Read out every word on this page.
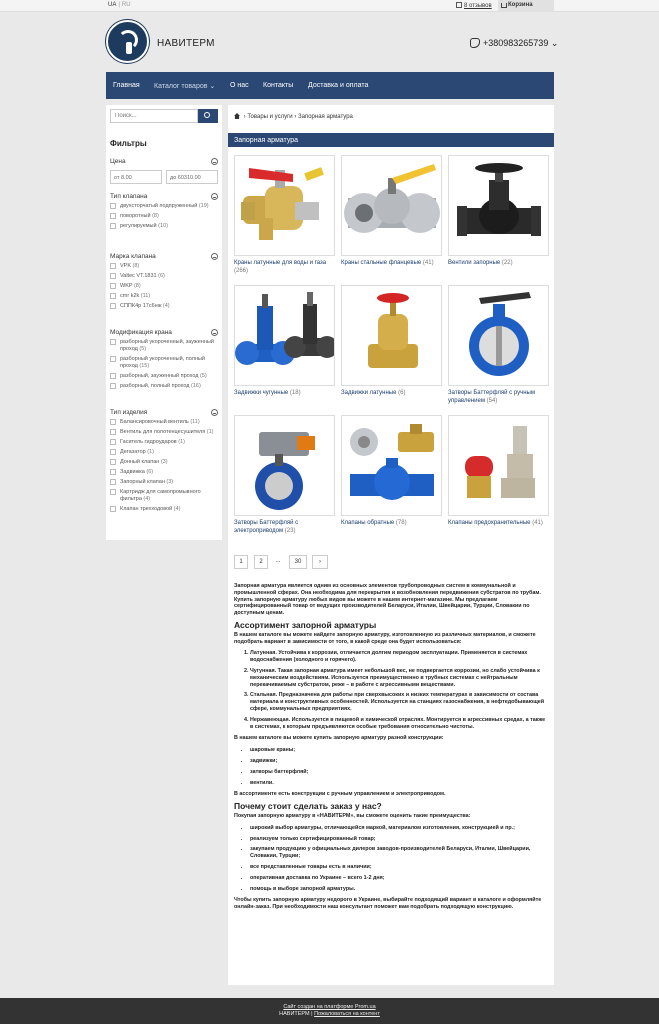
UA | RU	8 отзывов	Корзина
НАВИТЕРМ	+380983265739 ⌄
Главная Каталог товаров ⌄ О нас Контакты Доставка и оплата
Поиск...
Фильтры
Цена
от 8.00	до 60310.00
Тип клапана
двухсторчатый подпруженный (19)
поворотный (8)
регулируемый (10)
Марка клапана
VPK (8)
Valtec VT.1831 (6)
WKP (8)
cmr k2k (11)
СППК4р 17с6нж (4)
Модификация крана
разборный укороченный, зауженный проход (5)
разборный укороченный, полный проход (15)
разборный, зауженный проход (5)
разборный, полный проход (16)
Тип изделия
Балансировочный вентиль (11)
Вентиль для полотенцесушителя (1)
Гаситель гидроударов (1)
Дегазатор (1)
Донный клапан (3)
Задвижка (6)
Запорный клапан (3)
Картридж для самопромывного фильтра (4)
Клапан трехходовой (4)
› Товары и услуги › Запорная арматура
Запорная арматура
Краны латунные для воды и газа (266)
Краны стальные фланцевые (41)	Вентили запорные (22)
Задвижки чугунные (18)	Задвижки латунные (6)	Затворы Баттерфляй с ручным управлением (54)
Затворы Баттерфляй с электроприводом (23)
Клапаны обратные (78)	Клапаны предохранительные (41)
1	2	...	30	›

Запорная арматура является одним из основных элементов трубопроводных систем в коммунальной и промышленной сферах. Она необходима для перекрытия и возобновления передвижения субстратов по трубам. Купить запорную арматуру любых видов вы можете в нашем интернет-магазине. Мы предлагаем сертифицированный товар от ведущих производителей Беларуси, Италии, Швейцарии, Турции, Словакии по доступным ценам.

Ассортимент запорной арматуры

В нашем каталоге вы можете найдете запорную арматуру, изготовленную из различных материалов, и сможете подобрать вариант в зависимости от того, в какой среде она будет использоваться:

1. Латунная. Устойчива к коррозии, отличается долгим периодом эксплуатации. Применяется в системах водоснабжения (холодного и горячего).
2. Чугунная. Такая запорная арматура имеет небольшой вес, не подвергается коррозии, но слабо устойчива к механическим воздействиям. Используется преимущественно в трубных системах с нейтральным перекачиваемым субстратом, реже – в работе с агрессивными веществами.
3. Стальная. Предназначена для работы при сверхвысоких и низких температурах в зависимости от состава материала и конструктивных особенностей. Используется на станциях газоснабжения, в нефтедобывающей сфере, коммунальных предприятиях.
4. Нержавеющая. Используется в пищевой и химической отраслях. Монтируется в агрессивных средах, а также в системах, к которым предъявляются особые требования относительно чистоты.

В нашем каталоге вы можете купить запорную арматуру разной конструкции:

• шаровые краны;
• задвижки;
• затворы баттерфляй;
• вентили.

В ассортименте есть конструкции с ручным управлением и электроприводом.

Почему стоит сделать заказ у нас?

Покупая запорную арматуру в «НАВИТЕРМ», вы сможете оценить такие преимущества:

• широкий выбор арматуры, отличающейся маркой, материалом изготовления, конструкцией и пр.;
• реализуем только сертифицированный товар;
• закупаем продукцию у официальных дилеров заводов-производителей Беларуси, Италии, Швейцарии, Словакии, Турции;
• все представленные товары есть в наличии;
• оперативная доставка по Украине – всего 1-2 дня;
• помощь в выборе запорной арматуры.

Чтобы купить запорную арматуру недорого в Украине, выбирайте подходящий вариант в каталоге и оформляйте онлайн-заказ. При необходимости наш консультант поможет вам подобрать подходящую конструкцию.

Сайт создан на платформе Prom.ua
НАВИТЕРМ | Пожаловаться на контент
